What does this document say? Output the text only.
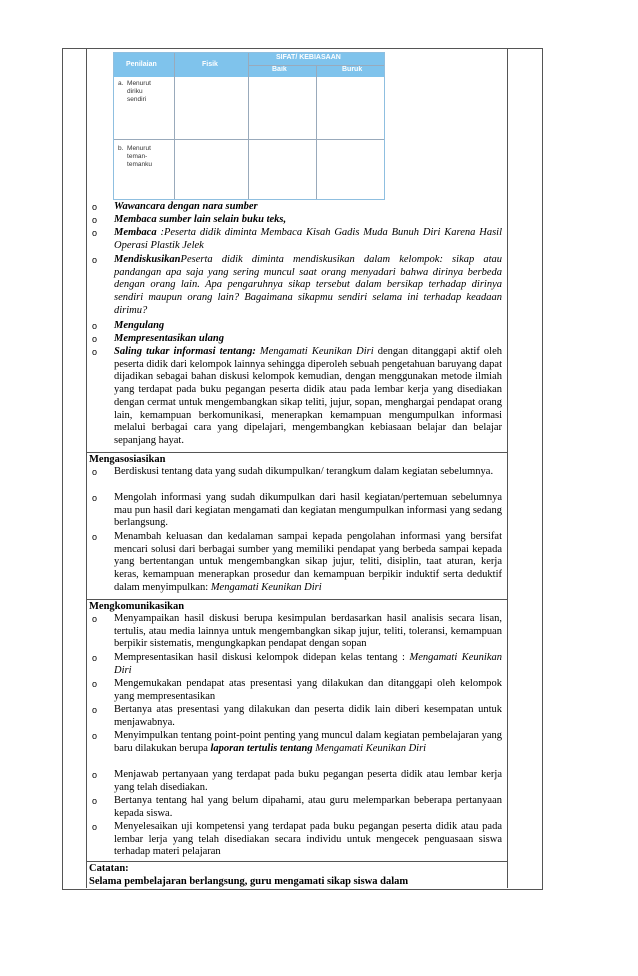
Penilaian	Fisik
SIFAT/ KEBIASAAN
Baik	Buruk
a.  Menurut
diriku
sendiri
b.  Menurut
teman-
temanku
o Wawancara dengan nara sumber
o Membaca sumber lain selain buku teks,
o Membaca :Peserta didik diminta Membaca Kisah Gadis Muda Bunuh Diri Karena Hasil Operasi Plastik Jelek
o MendiskusikanPeserta didik diminta mendiskusikan dalam kelompok: sikap atau pandangan apa saja yang sering muncul saat orang menyadari bahwa dirinya berbeda dengan orang lain. Apa pengaruhnya sikap tersebut dalam bersikap terhadap dirinya sendiri maupun orang lain? Bagaimana sikapmu sendiri selama ini terhadap keadaan dirimu?
o Mengulang
o Mempresentasikan ulang
o Saling tukar informasi tentang: Mengamati Keunikan Diri dengan ditanggapi aktif oleh peserta didik dari kelompok lainnya sehingga diperoleh sebuah pengetahuan baruyang dapat dijadikan sebagai bahan diskusi kelompok kemudian, dengan menggunakan metode ilmiah yang terdapat pada buku pegangan peserta didik atau pada lembar kerja yang disediakan dengan cermat untuk mengembangkan sikap teliti, jujur, sopan, menghargai pendapat orang lain, kemampuan berkomunikasi, menerapkan kemampuan mengumpulkan informasi melalui berbagai cara yang dipelajari, mengembangkan kebiasaan belajar dan belajar sepanjang hayat.
Mengasosiasikan
o Berdiskusi tentang data yang sudah dikumpulkan/ terangkum dalam kegiatan sebelumnya.
o Mengolah informasi yang sudah dikumpulkan dari hasil kegiatan/pertemuan sebelumnya mau pun hasil dari kegiatan mengamati dan kegiatan mengumpulkan informasi yang sedang berlangsung.
o Menambah keluasan dan kedalaman sampai kepada pengolahan informasi yang bersifat mencari solusi dari berbagai sumber yang memiliki pendapat yang berbeda sampai kepada yang bertentangan untuk mengembangkan sikap jujur, teliti, disiplin, taat aturan, kerja keras, kemampuan menerapkan prosedur dan kemampuan berpikir induktif serta deduktif dalam menyimpulkan: Mengamati Keunikan Diri
Mengkomunikasikan
o Menyampaikan hasil diskusi berupa kesimpulan berdasarkan hasil analisis secara lisan, tertulis, atau media lainnya untuk mengembangkan sikap jujur, teliti, toleransi, kemampuan berpikir sistematis, mengungkapkan pendapat dengan sopan
o Mempresentasikan hasil diskusi kelompok didepan kelas tentang : Mengamati Keunikan Diri
o Mengemukakan pendapat atas presentasi yang dilakukan dan ditanggapi oleh kelompok yang mempresentasikan
o Bertanya atas presentasi yang dilakukan dan peserta didik lain diberi kesempatan untuk menjawabnya.
o Menyimpulkan tentang point-point penting yang muncul dalam kegiatan pembelajaran yang baru dilakukan berupa laporan tertulis tentang Mengamati Keunikan Diri
o Menjawab pertanyaan yang terdapat pada buku pegangan peserta didik atau lembar kerja yang telah disediakan.
o Bertanya tentang hal yang belum dipahami, atau guru melemparkan beberapa pertanyaan kepada siswa.
o Menyelesaikan uji kompetensi yang terdapat pada buku pegangan peserta didik atau pada lembar lerja yang telah disediakan secara individu untuk mengecek penguasaan siswa terhadap materi pelajaran
Catatan:
Selama pembelajaran berlangsung, guru mengamati sikap siswa dalam
